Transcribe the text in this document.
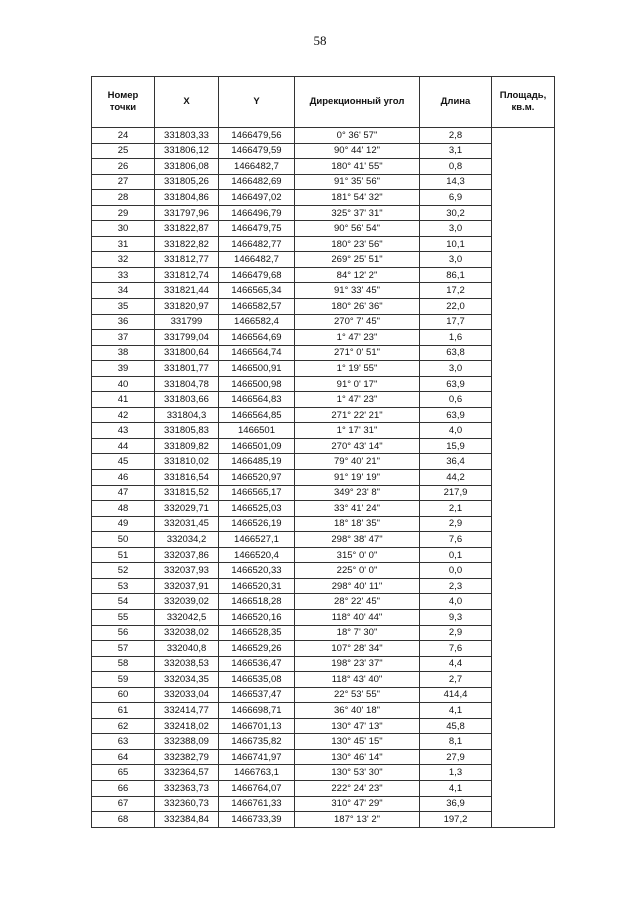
58
Номер точки	X	Y	Дирекционный угол	Длина	Площадь, кв.м.
24	331803,33	1466479,56	0° 36' 57"	2,8	
25	331806,12	1466479,59	90° 44' 12"	3,1	
26	331806,08	1466482,7	180° 41' 55"	0,8	
27	331805,26	1466482,69	91° 35' 56"	14,3	
28	331804,86	1466497,02	181° 54' 32"	6,9	
29	331797,96	1466496,79	325° 37' 31"	30,2	
30	331822,87	1466479,75	90° 56' 54"	3,0	
31	331822,82	1466482,77	180° 23' 56"	10,1	
32	331812,77	1466482,7	269° 25' 51"	3,0	
33	331812,74	1466479,68	84° 12' 2"	86,1	
34	331821,44	1466565,34	91° 33' 45"	17,2	
35	331820,97	1466582,57	180° 26' 36"	22,0	
36	331799	1466582,4	270° 7' 45"	17,7	
37	331799,04	1466564,69	1° 47' 23"	1,6	
38	331800,64	1466564,74	271° 0' 51"	63,8	
39	331801,77	1466500,91	1° 19' 55"	3,0	
40	331804,78	1466500,98	91° 0' 17"	63,9	
41	331803,66	1466564,83	1° 47' 23"	0,6	
42	331804,3	1466564,85	271° 22' 21"	63,9	
43	331805,83	1466501	1° 17' 31"	4,0	
44	331809,82	1466501,09	270° 43' 14"	15,9	
45	331810,02	1466485,19	79° 40' 21"	36,4	
46	331816,54	1466520,97	91° 19' 19"	44,2	
47	331815,52	1466565,17	349° 23' 8"	217,9	
48	332029,71	1466525,03	33° 41' 24"	2,1	
49	332031,45	1466526,19	18° 18' 35"	2,9	
50	332034,2	1466527,1	298° 38' 47"	7,6	
51	332037,86	1466520,4	315° 0' 0"	0,1	
52	332037,93	1466520,33	225° 0' 0"	0,0	
53	332037,91	1466520,31	298° 40' 11"	2,3	
54	332039,02	1466518,28	28° 22' 45"	4,0	
55	332042,5	1466520,16	118° 40' 44"	9,3	
56	332038,02	1466528,35	18° 7' 30"	2,9	
57	332040,8	1466529,26	107° 28' 34"	7,6	
58	332038,53	1466536,47	198° 23' 37"	4,4	
59	332034,35	1466535,08	118° 43' 40"	2,7	
60	332033,04	1466537,47	22° 53' 55"	414,4	
61	332414,77	1466698,71	36° 40' 18"	4,1	
62	332418,02	1466701,13	130° 47' 13"	45,8	
63	332388,09	1466735,82	130° 45' 15"	8,1	
64	332382,79	1466741,97	130° 46' 14"	27,9	
65	332364,57	1466763,1	130° 53' 30"	1,3	
66	332363,73	1466764,07	222° 24' 23"	4,1	
67	332360,73	1466761,33	310° 47' 29"	36,9	
68	332384,84	1466733,39	187° 13' 2"	197,2	
